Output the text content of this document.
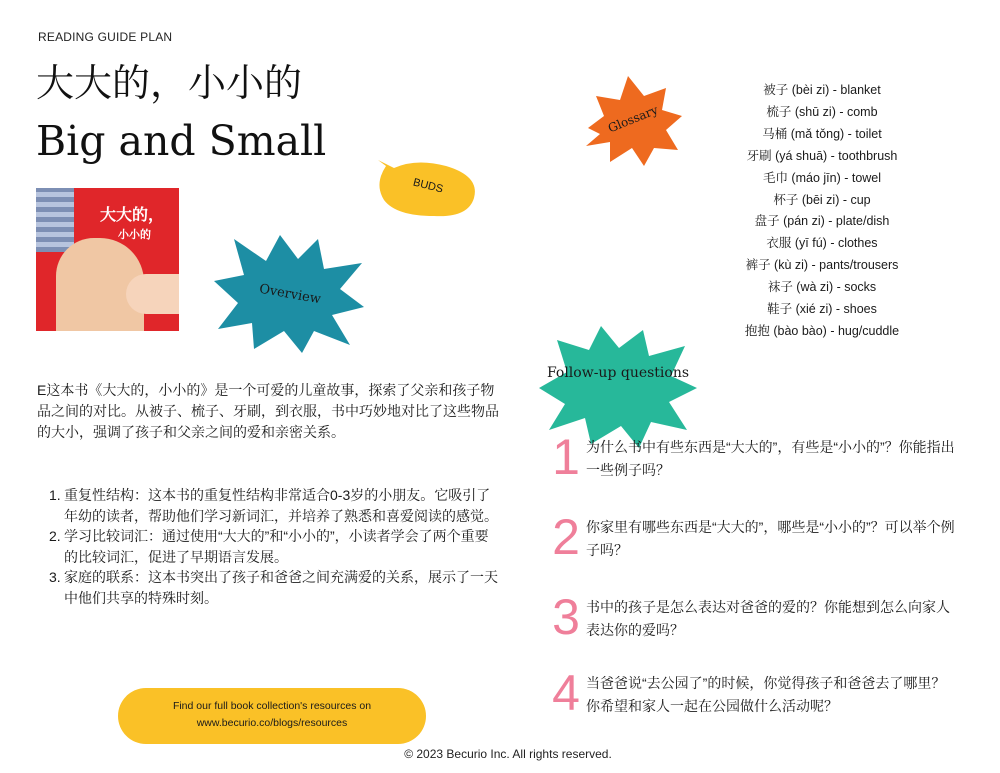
READING GUIDE PLAN
大大的，小小的
Big and Small
大大的，
小小的
BUDS
Overview
Glossary
被子 (bèi zi) - blanket
梳子 (shū zi) - comb
马桶 (mǎ tǒng) - toilet
牙刷 (yá shuā) - toothbrush
毛巾 (máo jīn) - towel
杯子 (bēi zi) - cup
盘子 (pán zi) - plate/dish
衣服 (yī fú) - clothes
裤子 (kù zi) - pants/trousers
袜子 (wà zi) - socks
鞋子 (xié zi) - shoes
抱抱 (bào bào) - hug/cuddle
Follow-up questions
E这本书《大大的，小小的》是一个可爱的儿童故事，探索了父亲和孩子物品之间的对比。从被子、梳子、牙刷，到衣服，书中巧妙地对比了这些物品的大小，强调了孩子和父亲之间的爱和亲密关系。
1. 重复性结构：这本书的重复性结构非常适合0-3岁的小朋友。它吸引了年幼的读者，帮助他们学习新词汇，并培养了熟悉和喜爱阅读的感觉。
2. 学习比较词汇：通过使用“大大的”和“小小的”，小读者学会了两个重要的比较词汇，促进了早期语言发展。
3. 家庭的联系：这本书突出了孩子和爸爸之间充满爱的关系，展示了一天中他们共享的特殊时刻。
1 为什么书中有些东西是“大大的”，有些是“小小的”？你能指出一些例子吗？
2 你家里有哪些东西是“大大的”，哪些是“小小的”？可以举个例子吗？
3 书中的孩子是怎么表达对爸爸的爱的？你能想到怎么向家人表达你的爱吗？
4 当爸爸说“去公园了”的时候，你觉得孩子和爸爸去了哪里？你希望和家人一起在公园做什么活动呢？
Find our full book collection's resources on
www.becurio.co/blogs/resources
© 2023 Becurio Inc. All rights reserved.
